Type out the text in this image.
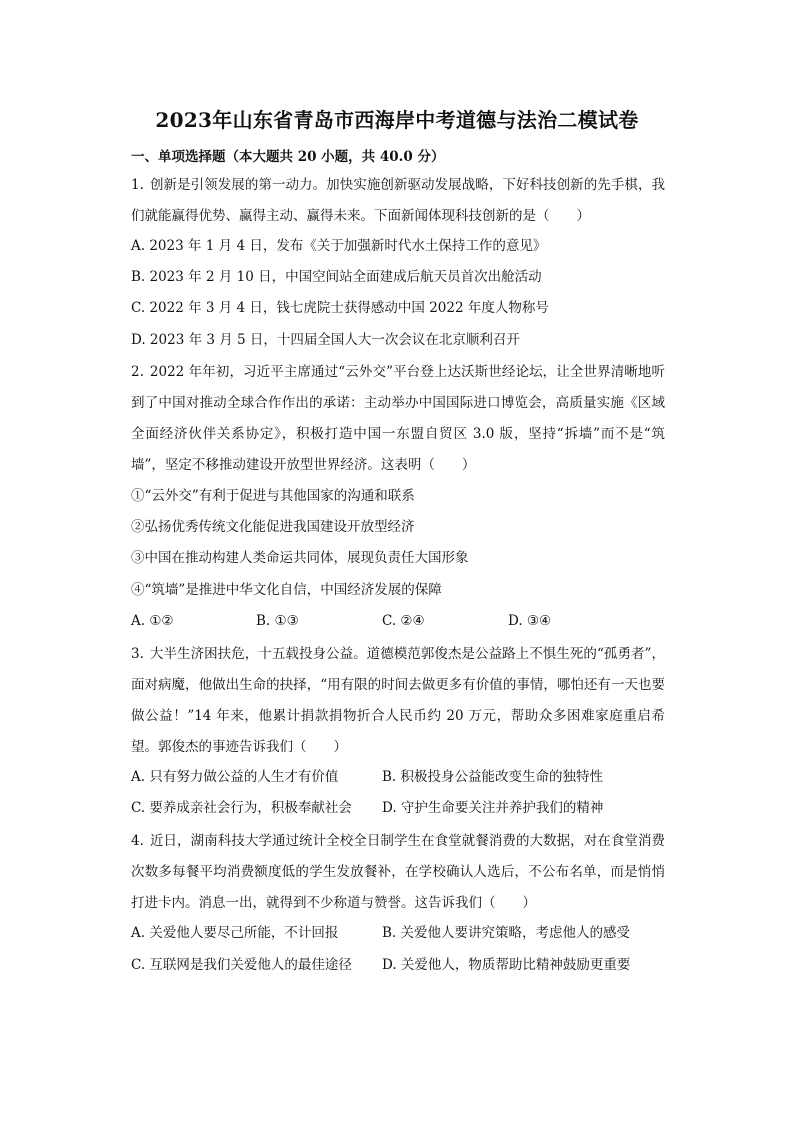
2023年山东省青岛市西海岸中考道德与法治二模试卷
一、单项选择题（本大题共 20 小题，共 40.0 分）
1. 创新是引领发展的第一动力。加快实施创新驱动发展战略，下好科技创新的先手棋，我们就能赢得优势、赢得主动、赢得未来。下面新闻体现科技创新的是（　　）
A. 2023 年 1 月 4 日，发布《关于加强新时代水土保持工作的意见》
B. 2023 年 2 月 10 日，中国空间站全面建成后航天员首次出舱活动
C. 2022 年 3 月 4 日，钱七虎院士获得感动中国 2022 年度人物称号
D. 2023 年 3 月 5 日，十四届全国人大一次会议在北京顺利召开
2. 2022 年年初，习近平主席通过“云外交”平台登上达沃斯世经论坛，让全世界清晰地听到了中国对推动全球合作作出的承诺：主动举办中国国际进口博览会，高质量实施《区域全面经济伙伴关系协定》，积极打造中国一东盟自贸区 3.0 版，坚持“拆墙”而不是“筑墙”，坚定不移推动建设开放型世界经济。这表明（　　）
①“云外交”有利于促进与其他国家的沟通和联系
②弘扬优秀传统文化能促进我国建设开放型经济
③中国在推动构建人类命运共同体，展现负责任大国形象
④“筑墙”是推进中华文化自信，中国经济发展的保障
A. ①②	B. ①③	C. ②④	D. ③④
3. 大半生济困扶危，十五载投身公益。道德模范郭俊杰是公益路上不惧生死的“孤勇者”，面对病魔，他做出生命的抉择，“用有限的时间去做更多有价值的事情，哪怕还有一天也要做公益！”14 年来，他累计捐款捐物折合人民币约 20 万元，帮助众多困难家庭重启希望。郭俊杰的事迹告诉我们（　　）
A. 只有努力做公益的人生才有价值	B. 积极投身公益能改变生命的独特性
C. 要养成亲社会行为，积极奉献社会 D. 守护生命要关注并养护我们的精神
4. 近日，湖南科技大学通过统计全校全日制学生在食堂就餐消费的大数据，对在食堂消费次数多每餐平均消费额度低的学生发放餐补，在学校确认人选后，不公布名单，而是悄悄打进卡内。消息一出，就得到不少称道与赞誉。这告诉我们（　　）
A. 关爱他人要尽己所能，不计回报	B. 关爱他人要讲究策略，考虑他人的感受
C. 互联网是我们关爱他人的最佳途径 D. 关爱他人，物质帮助比精神鼓励更重要
